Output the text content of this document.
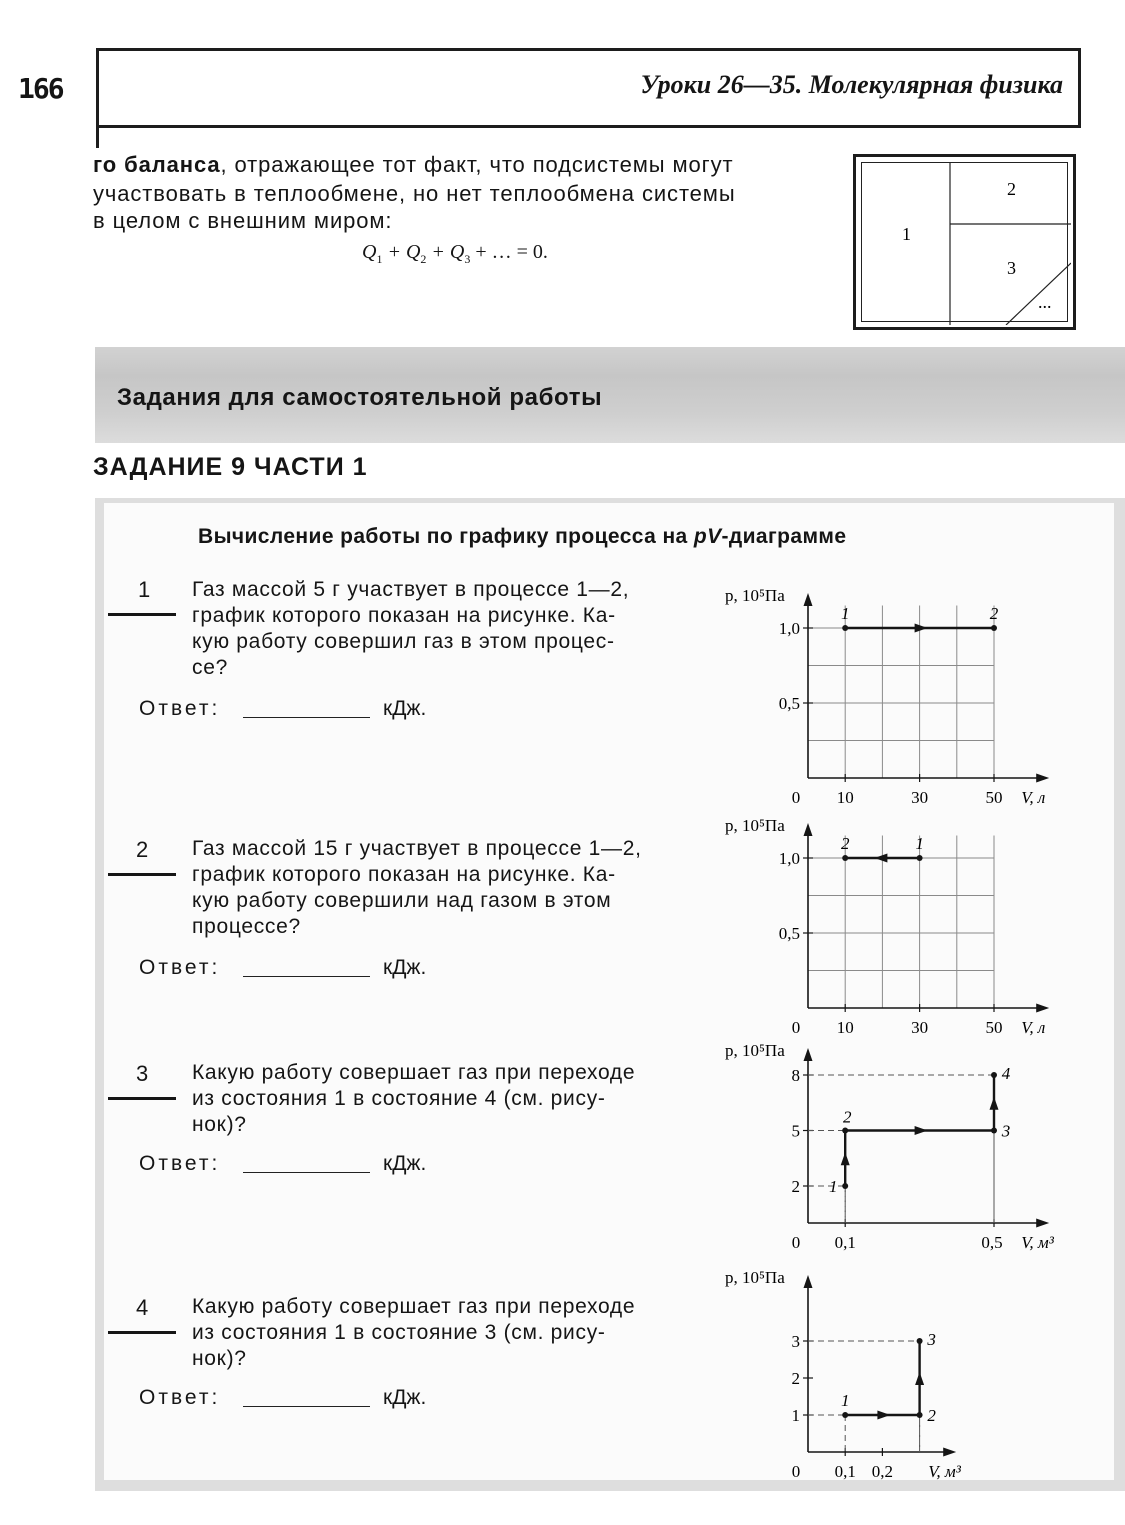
166	Уроки 26—35. Молекулярная физика
го баланса, отражающее тот факт, что подсистемы могут
участвовать в теплообмене, но нет теплообмена системы
в целом с внешним миром:
$Q_1 + Q_2 + Q_3$ + … = 0.
1
2
3
...
Задания для самостоятельной работы
ЗАДАНИЕ 9 ЧАСТИ 1
Вычисление работы по графику процесса на pV-диаграмме
1 Газ массой 5 г участвует в процессе 1—2,
график которого показан на рисунке. Ка-
кую работу совершил газ в этом процес-
се?
Ответ:	кДж.
2 Газ массой 15 г участвует в процессе 1—2,
график которого показан на рисунке. Ка-
кую работу совершили над газом в этом
процессе?
Ответ:	кДж.
3 Какую работу совершает газ при переходе
из состояния 1 в состояние 4 (см. рису-
нок)?
Ответ:	кДж.
4 Какую работу совершает газ при переходе
из состояния 1 в состояние 3 (см. рису-
нок)?
Ответ:	кДж.
p, 10⁵Па
V, л
0 10	30	50
0,5
1,0
1	2
p, 10⁵Па
V, л
0 10	30	50
0,5
1,0
1
2
p, 10⁵Па
V, м³
0 0,1	0,5
2
5
8
1
2
3
4
p, 10⁵Па
V, м³
0 0,1 0,2
1
2
3
1
2
3
